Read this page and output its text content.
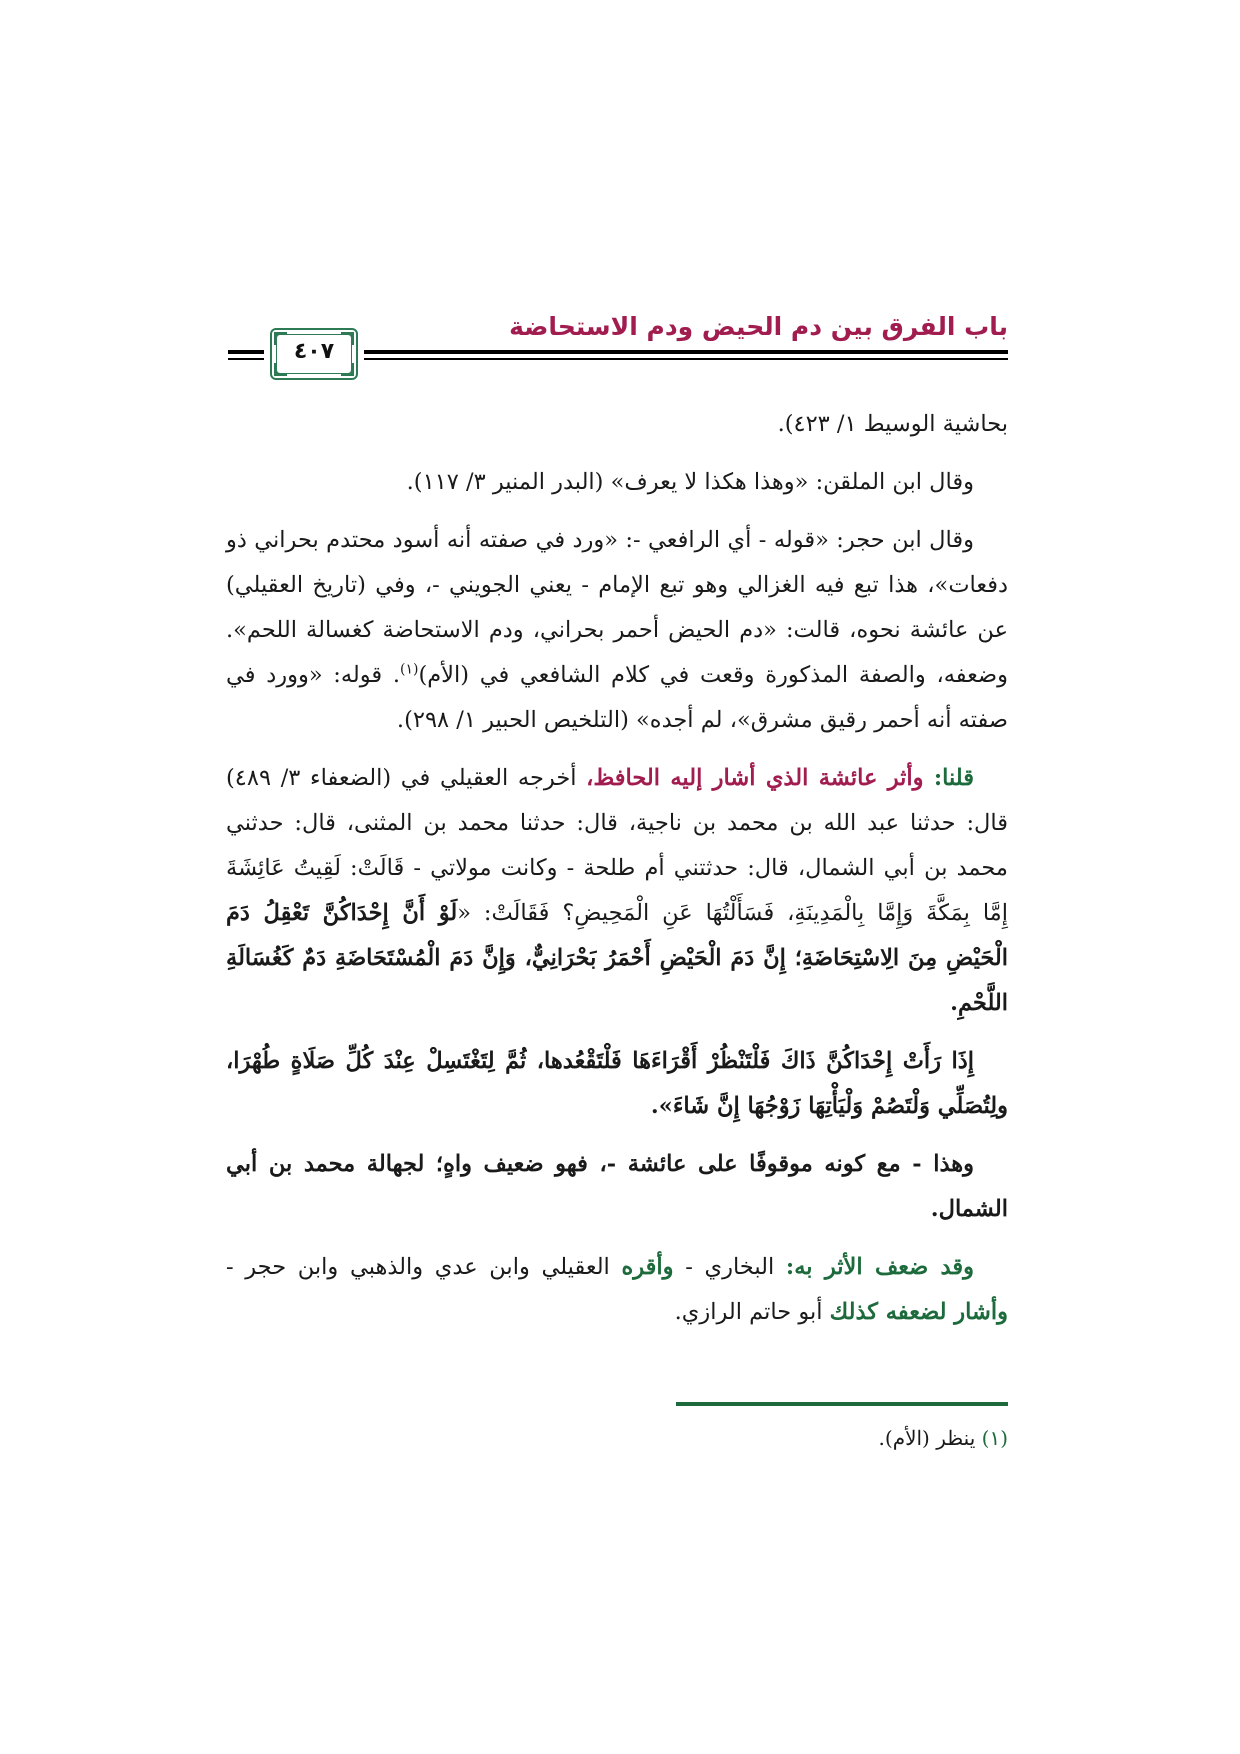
باب الفرق بين دم الحيض ودم الاستحاضة
٤٠٧

بحاشية الوسيط ١/ ٤٢٣).

وقال ابن الملقن: «وهذا هكذا لا يعرف» (البدر المنير ٣/ ١١٧).

وقال ابن حجر: «قوله - أي الرافعي -: «ورد في صفته أنه أسود محتدم بحراني ذو دفعات»، هذا تبع فيه الغزالي وهو تبع الإمام - يعني الجويني -، وفي (تاريخ العقيلي) عن عائشة نحوه، قالت: «دم الحيض أحمر بحراني، ودم الاستحاضة كغسالة اللحم». وضعفه، والصفة المذكورة وقعت في كلام الشافعي في (الأم)$^{(١)}$. قوله: «وورد في صفته أنه أحمر رقيق مشرق»، لم أجده» (التلخيص الحبير ١/ ٢٩٨).

قلنا: وأثر عائشة الذي أشار إليه الحافظ، أخرجه العقيلي في (الضعفاء ٣/ ٤٨٩) قال: حدثنا عبد الله بن محمد بن ناجية، قال: حدثنا محمد بن المثنى، قال: حدثني محمد بن أبي الشمال، قال: حدثتني أم طلحة - وكانت مولاتي - قَالَتْ: لَقِيتُ عَائِشَةَ إِمَّا بِمَكَّةَ وَإِمَّا بِالْمَدِينَةِ، فَسَأَلْتُهَا عَنِ الْمَحِيضِ؟ فَقَالَتْ: «لَوْ أَنَّ إِحْدَاكُنَّ تَعْقِلُ دَمَ الْحَيْضِ مِنَ الِاسْتِحَاضَةِ؛ إِنَّ دَمَ الْحَيْضِ أَحْمَرُ بَحْرَانِيٌّ، وَإِنَّ دَمَ الْمُسْتَحَاضَةِ دَمٌ كَغُسَالَةِ اللَّحْمِ.

إِذَا رَأَتْ إِحْدَاكُنَّ ذَاكَ فَلْتَنْظُرْ أَقْرَاءَهَا فَلْتَقْعُدها، ثُمَّ لِتَغْتَسِلْ عِنْدَ كُلِّ صَلَاةٍ طُهْرَا، ولِتُصَلِّي وَلْتَصُمْ وَلْيَأْتِهَا زَوْجُهَا إِنَّ شَاءَ».

وهذا - مع كونه موقوفًا على عائشة -، فهو ضعيف واهٍ؛ لجهالة محمد بن أبي الشمال.

وقد ضعف الأثر به: البخاري - وأقره العقيلي وابن عدي والذهبي وابن حجر - وأشار لضعفه كذلك أبو حاتم الرازي.

(١) ينظر (الأم).
